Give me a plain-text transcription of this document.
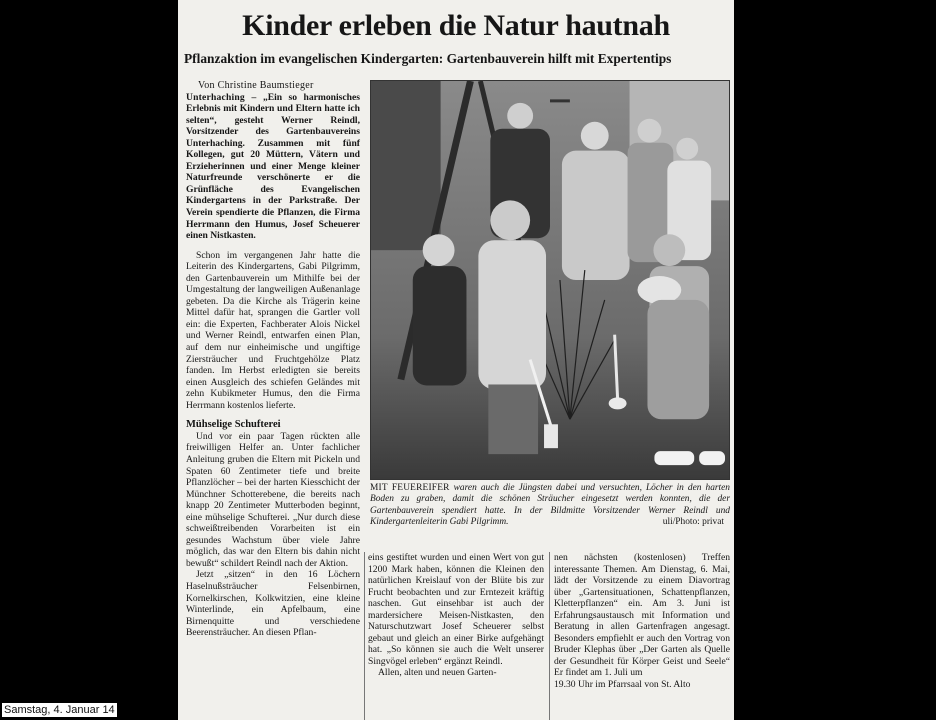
Kinder erleben die Natur hautnah
Pflanzaktion im evangelischen Kindergarten: Gartenbauverein hilft mit Expertentips

Von Christine Baumstieger

Unterhaching – „Ein so harmonisches Erlebnis mit Kindern und Eltern hatte ich selten“, gesteht Werner Reindl, Vorsitzender des Gartenbauvereins Unterhaching. Zusammen mit fünf Kollegen, gut 20 Müttern, Vätern und Erzieherinnen und einer Menge kleiner Naturfreunde verschönerte er die Grünfläche des Evangelischen Kindergartens in der Parkstraße. Der Verein spendierte die Pflanzen, die Firma Herrmann den Humus, Josef Scheuerer einen Nistkasten.

Schon im vergangenen Jahr hatte die Leiterin des Kindergartens, Gabi Pilgrimm, den Gartenbauverein um Mithilfe bei der Umgestaltung der langweiligen Außenanlage gebeten. Da die Kirche als Trägerin keine Mittel dafür hat, sprangen die Gartler voll ein: die Experten, Fachberater Alois Nickel und Werner Reindl, entwarfen einen Plan, auf dem nur einheimische und ungiftige Ziersträucher und Fruchtgehölze Platz fanden. Im Herbst erledigten sie bereits einen Ausgleich des schiefen Geländes mit zehn Kubikmeter Humus, den die Firma Herrmann kostenlos lieferte.

Mühselige Schufterei

Und vor ein paar Tagen rückten alle freiwilligen Helfer an. Unter fachlicher Anleitung gruben die Eltern mit Pickeln und Spaten 60 Zentimeter tiefe und breite Pflanzlöcher – bei der harten Kiesschicht der Münchner Schotterebene, die bereits nach knapp 20 Zentimeter Mutterboden beginnt, eine mühselige Schufterei. „Nur durch diese schweißtreibenden Vorarbeiten ist ein gesundes Wachstum über viele Jahre möglich, das war den Eltern bis dahin nicht bewußt“ schildert Reindl nach der Aktion.

Jetzt „sitzen“ in den 16 Löchern Haselnußsträucher Felsenbirnen, Kornelkirschen, Kolkwitzien, eine kleine Winterlinde, ein Apfelbaum, eine Birnenquitte und verschiedene Beerensträucher. An diesen Pflan-

MIT FEUEREIFER waren auch die Jüngsten dabei und versuchten, Löcher in den harten Boden zu graben, damit die schönen Sträucher eingesetzt werden konnten, die der Gartenbauverein spendiert hatte. In der Bildmitte Vorsitzender Werner Reindl und Kindergartenleiterin Gabi Pilgrimm.	uli/Photo: privat

eins gestiftet wurden und einen Wert von gut 1200 Mark haben, können die Kleinen den natürlichen Kreislauf von der Blüte bis zur Frucht beobachten und zur Erntezeit kräftig naschen. Gut einsehbar ist auch der mardersichere Meisen-Nistkasten, den Naturschutzwart Josef Scheuerer selbst gebaut und gleich an einer Birke aufgehängt hat. „So können sie auch die Welt unserer Singvögel erleben“ ergänzt Reindl.

Allen, alten und neuen Garten-

nen nächsten (kostenlosen) Treffen interessante Themen. Am Dienstag, 6. Mai, lädt der Vorsitzende zu einem Diavortrag über „Gartensituationen, Schattenpflanzen, Kletterpflanzen“ ein. Am 3. Juni ist Erfahrungsaustausch mit Information und Beratung in allen Gartenfragen angesagt. Besonders empfiehlt er auch den Vortrag von Bruder Klephas über „Der Garten als Quelle der Gesundheit für Körper Geist und Seele“ Er findet am 1. Juli um

19.30 Uhr im Pfarrsaal von St. Alto

Samstag, 4. Januar 14
